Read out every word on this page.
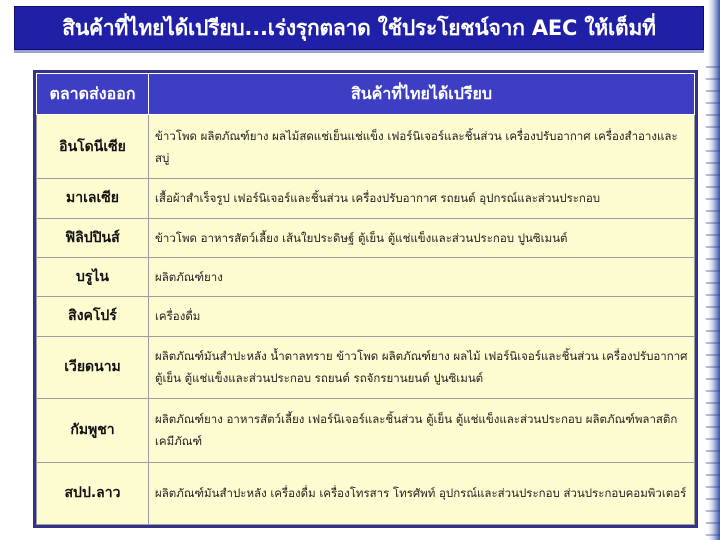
สินค้าที่ไทยได้เปรียบ...เร่งรุกตลาด ใช้ประโยชน์จาก AEC ให้เต็มที่
ตลาดส่งออก	สินค้าที่ไทยได้เปรียบ
อินโดนีเซีย	ข้าวโพด ผลิตภัณฑ์ยาง ผลไม้สดแช่เย็นแช่แข็ง เฟอร์นิเจอร์และชิ้นส่วน เครื่องปรับอากาศ เครื่องสำอางและสบู่
มาเลเซีย	เสื้อผ้าสำเร็จรูป เฟอร์นิเจอร์และชิ้นส่วน เครื่องปรับอากาศ รถยนต์ อุปกรณ์และส่วนประกอบ
ฟิลิปปินส์	ข้าวโพด อาหารสัตว์เลี้ยง เส้นใยประดิษฐ์ ตู้เย็น ตู้แช่แข็งและส่วนประกอบ ปูนซิเมนต์
บรูไน	ผลิตภัณฑ์ยาง
สิงคโปร์	เครื่องดื่ม
เวียดนาม	ผลิตภัณฑ์มันสำปะหลัง น้ำตาลทราย ข้าวโพด ผลิตภัณฑ์ยาง ผลไม้ เฟอร์นิเจอร์และชิ้นส่วน เครื่องปรับอากาศ ตู้เย็น ตู้แช่แข็งและส่วนประกอบ รถยนต์ รถจักรยานยนต์ ปูนซิเมนต์
กัมพูชา	ผลิตภัณฑ์ยาง อาหารสัตว์เลี้ยง เฟอร์นิเจอร์และชิ้นส่วน ตู้เย็น ตู้แช่แข็งและส่วนประกอบ ผลิตภัณฑ์พลาสติก เคมีภัณฑ์
สปป.ลาว	ผลิตภัณฑ์มันสำปะหลัง เครื่องดื่ม เครื่องโทรสาร โทรศัพท์ อุปกรณ์และส่วนประกอบ ส่วนประกอบคอมพิวเตอร์
